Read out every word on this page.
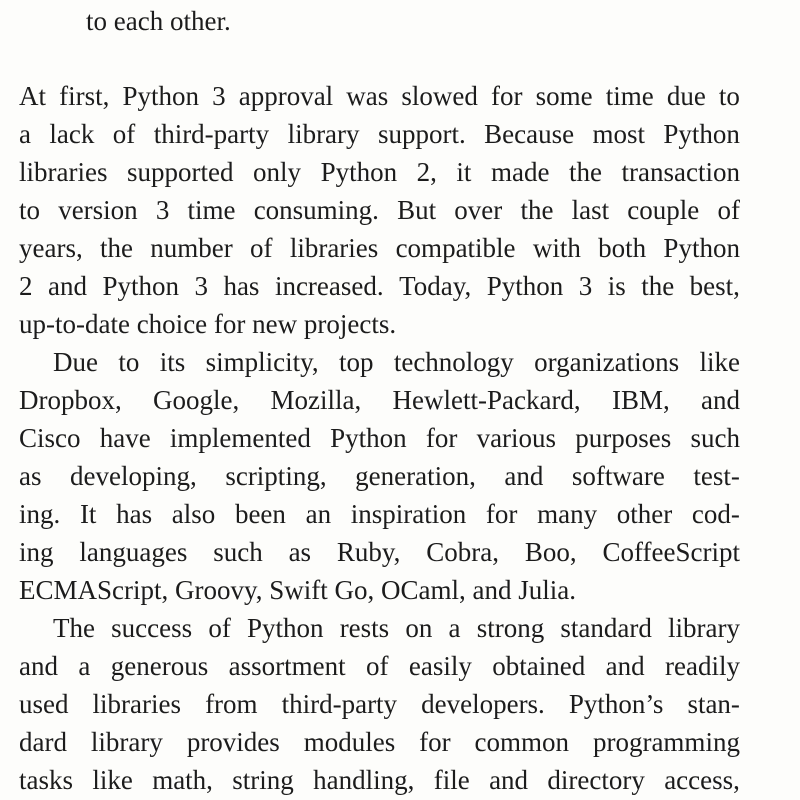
to each other.

At first, Python 3 approval was slowed for some time due to

a lack of third-party library support. Because most Python

libraries supported only Python 2, it made the transaction

to version 3 time consuming. But over the last couple of

years, the number of libraries compatible with both Python

2 and Python 3 has increased. Today, Python 3 is the best,

up-to-date choice for new projects.

Due to its simplicity, top technology organizations like

Dropbox, Google, Mozilla, Hewlett-Packard, IBM, and

Cisco have implemented Python for various purposes such

as developing, scripting, generation, and software test-

ing. It has also been an inspiration for many other cod-

ing languages such as Ruby, Cobra, Boo, CoffeeScript

ECMAScript, Groovy, Swift Go, OCaml, and Julia.

The success of Python rests on a strong standard library

and a generous assortment of easily obtained and readily

used libraries from third-party developers. Python’s stan-

dard library provides modules for common programming

tasks like math, string handling, file and directory access,
